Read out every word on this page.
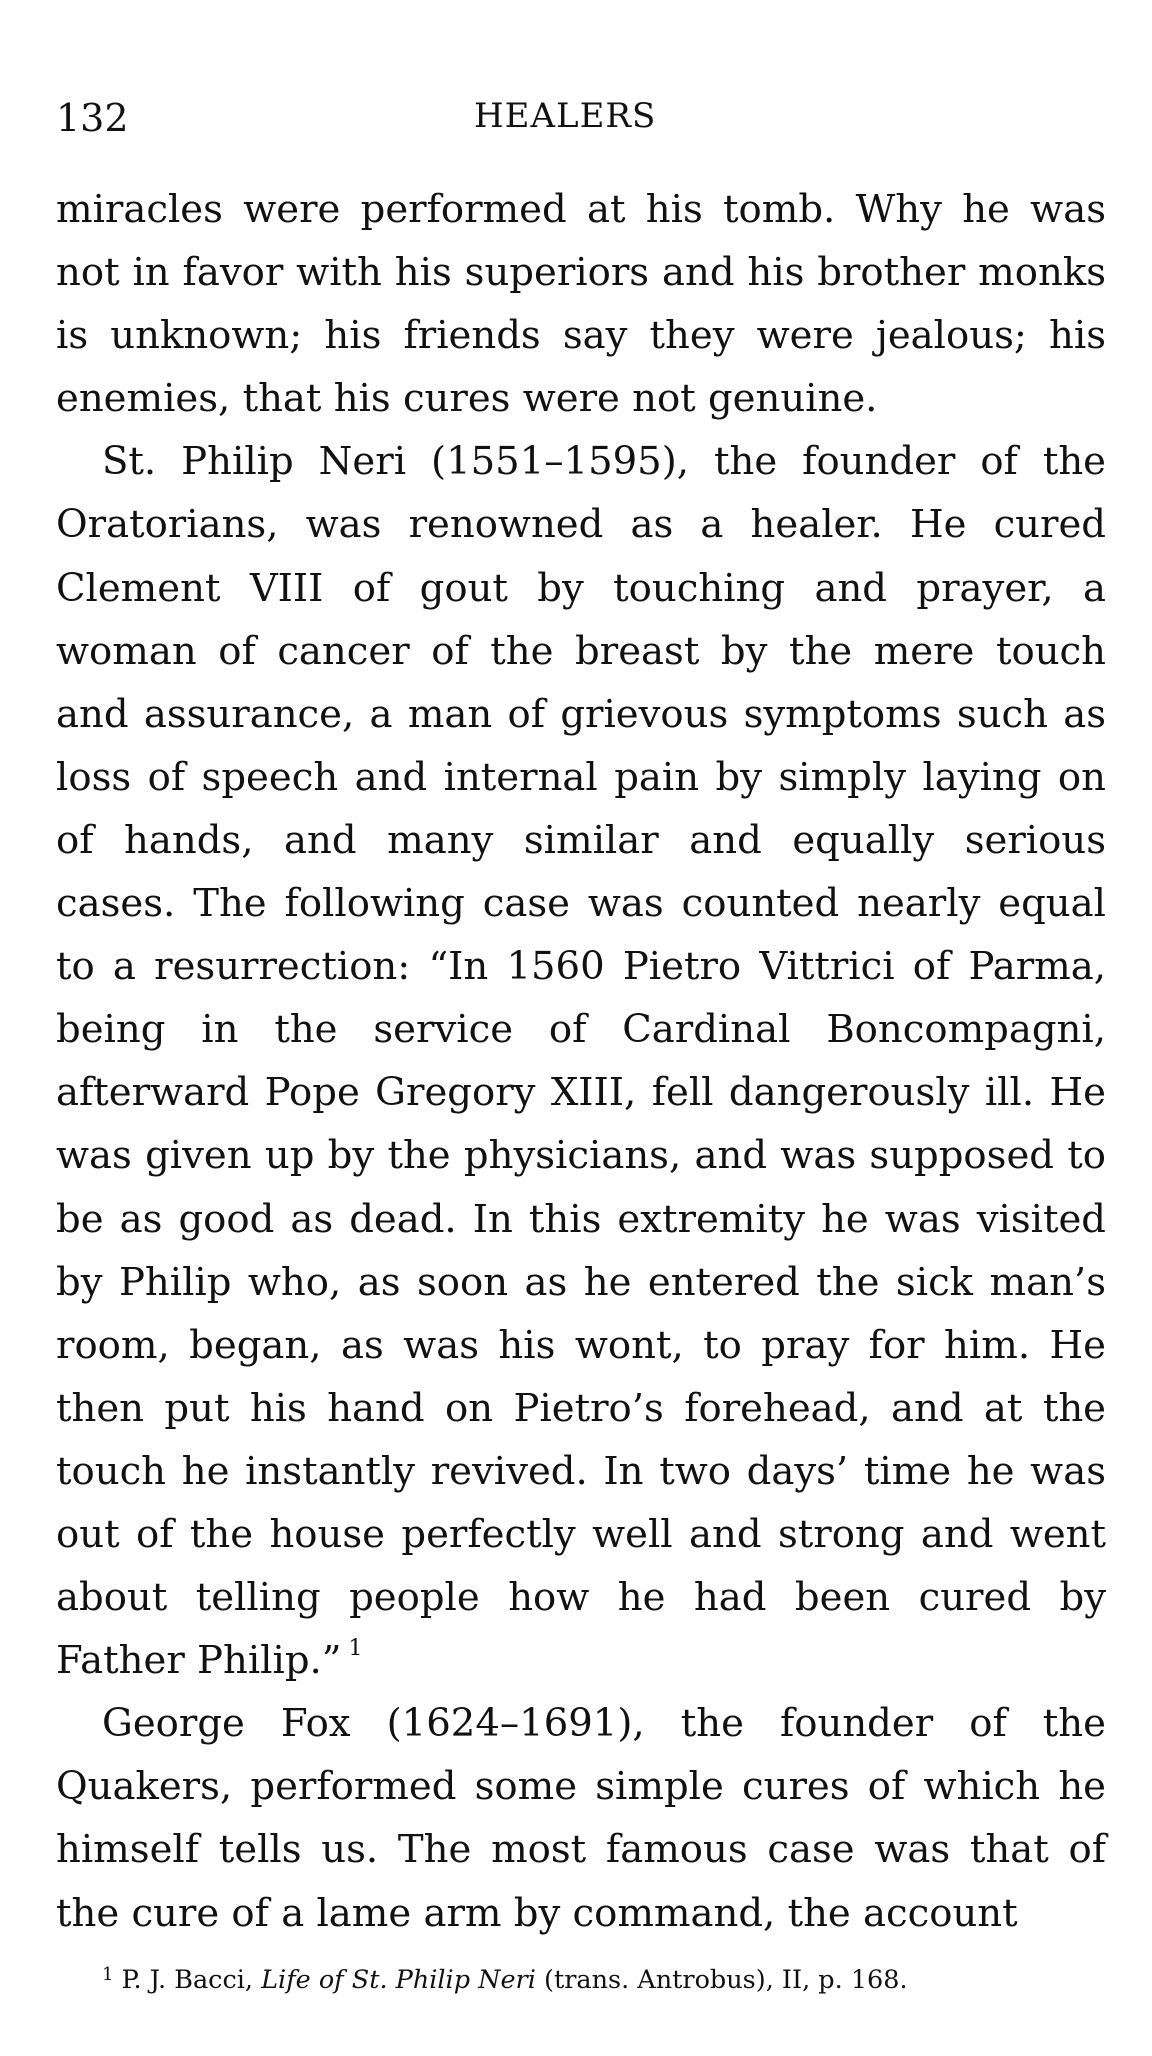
132	HEALERS

miracles were performed at his tomb. Why he was not in favor with his superiors and his brother monks is unknown; his friends say they were jealous; his enemies, that his cures were not genuine.

St. Philip Neri (1551–1595), the founder of the Oratorians, was renowned as a healer. He cured Clement VIII of gout by touching and prayer, a woman of cancer of the breast by the mere touch and assurance, a man of grievous symptoms such as loss of speech and internal pain by simply laying on of hands, and many similar and equally serious cases. The following case was counted nearly equal to a resurrection: “In 1560 Pietro Vittrici of Parma, being in the service of Cardinal Boncompagni, afterward Pope Gregory XIII, fell dangerously ill. He was given up by the physicians, and was supposed to be as good as dead. In this extremity he was visited by Philip who, as soon as he entered the sick man’s room, began, as was his wont, to pray for him. He then put his hand on Pietro’s forehead, and at the touch he instantly revived. In two days’ time he was out of the house perfectly well and strong and went about telling people how he had been cured by Father Philip.” $^1$

George Fox (1624–1691), the founder of the Quakers, performed some simple cures of which he himself tells us. The most famous case was that of the cure of a lame arm by command, the account

$^1$ P. J. Bacci, Life of St. Philip Neri (trans. Antrobus), II, p. 168.
